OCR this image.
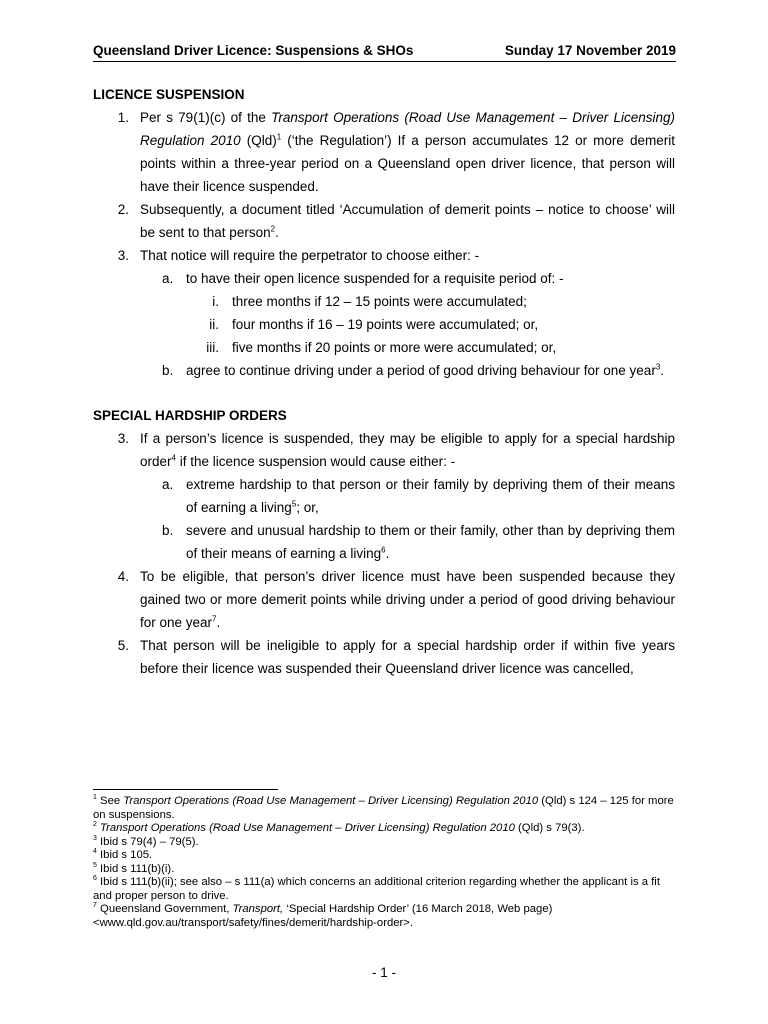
Queensland Driver Licence: Suspensions & SHOs	Sunday 17 November 2019
LICENCE SUSPENSION
1. Per s 79(1)(c) of the Transport Operations (Road Use Management – Driver Licensing) Regulation 2010 (Qld)$^1$ (‘the Regulation’) If a person accumulates 12 or more demerit points within a three-year period on a Queensland open driver licence, that person will have their licence suspended.
2. Subsequently, a document titled ‘Accumulation of demerit points – notice to choose’ will be sent to that person$^2$.
3. That notice will require the perpetrator to choose either: -
a. to have their open licence suspended for a requisite period of: -
i. three months if 12 – 15 points were accumulated;
ii. four months if 16 – 19 points were accumulated; or,
iii. five months if 20 points or more were accumulated; or,
b. agree to continue driving under a period of good driving behaviour for one year$^3$.
SPECIAL HARDSHIP ORDERS
3. If a person’s licence is suspended, they may be eligible to apply for a special hardship order$^4$ if the licence suspension would cause either: -
a. extreme hardship to that person or their family by depriving them of their means of earning a living$^5$; or,
b. severe and unusual hardship to them or their family, other than by depriving them of their means of earning a living$^6$.
4. To be eligible, that person’s driver licence must have been suspended because they gained two or more demerit points while driving under a period of good driving behaviour for one year$^7$.
5. That person will be ineligible to apply for a special hardship order if within five years before their licence was suspended their Queensland driver licence was cancelled,

$^1$ See Transport Operations (Road Use Management – Driver Licensing) Regulation 2010 (Qld) s 124 – 125 for more on suspensions.

$^2$ Transport Operations (Road Use Management – Driver Licensing) Regulation 2010 (Qld) s 79(3).

$^3$ Ibid s 79(4) – 79(5).

$^4$ Ibid s 105.

$^5$ Ibid s 111(b)(i).

$^6$ Ibid s 111(b)(ii); see also – s 111(a) which concerns an additional criterion regarding whether the applicant is a fit and proper person to drive.

$^7$ Queensland Government, Transport, ‘Special Hardship Order’ (16 March 2018, Web page) <www.qld.gov.au/transport/safety/fines/demerit/hardship-order>.

- 1 -
